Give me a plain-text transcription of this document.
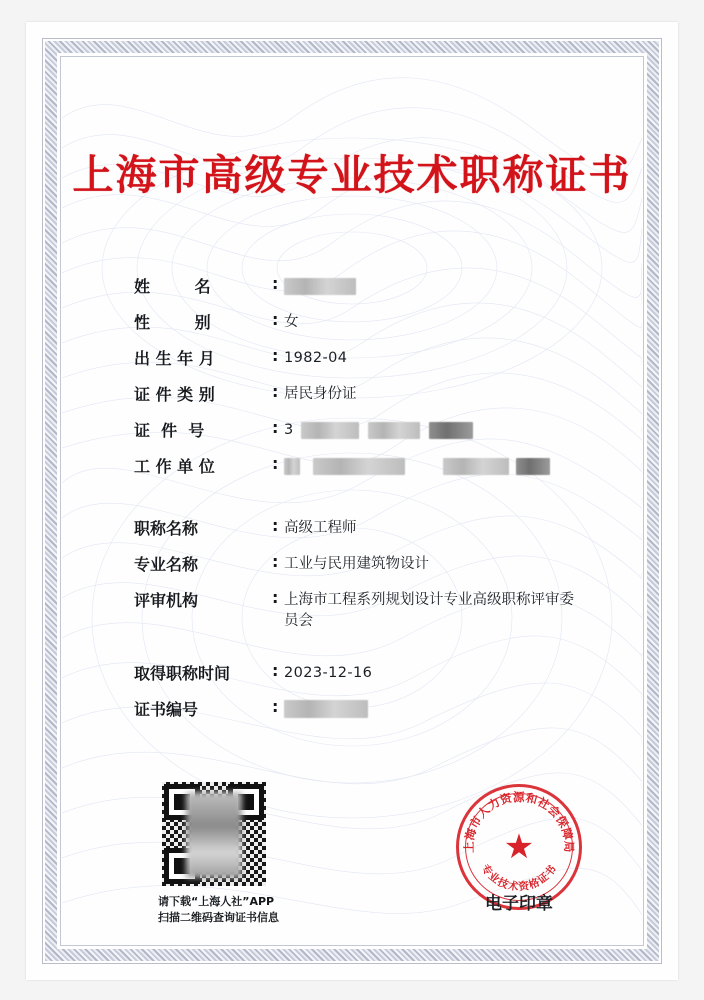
上海市高级专业技术职称证书
姓        名	:
性        别	: 女
出 生 年 月	: 1982-04
证 件 类 别	: 居民身份证
证  件  号	: 3
工 作 单 位	:

职称名称	: 高级工程师
专业名称	: 工业与民用建筑物设计
评审机构	: 上海市工程系列规划设计专业高级职称评审委员会
取得职称时间	: 2023-12-16
证书编号	:
请下载“上海人社”APP
扫描二维码查询证书信息
上海市人力资源和社会保障局
专业技术资格证书
★
电子印章
